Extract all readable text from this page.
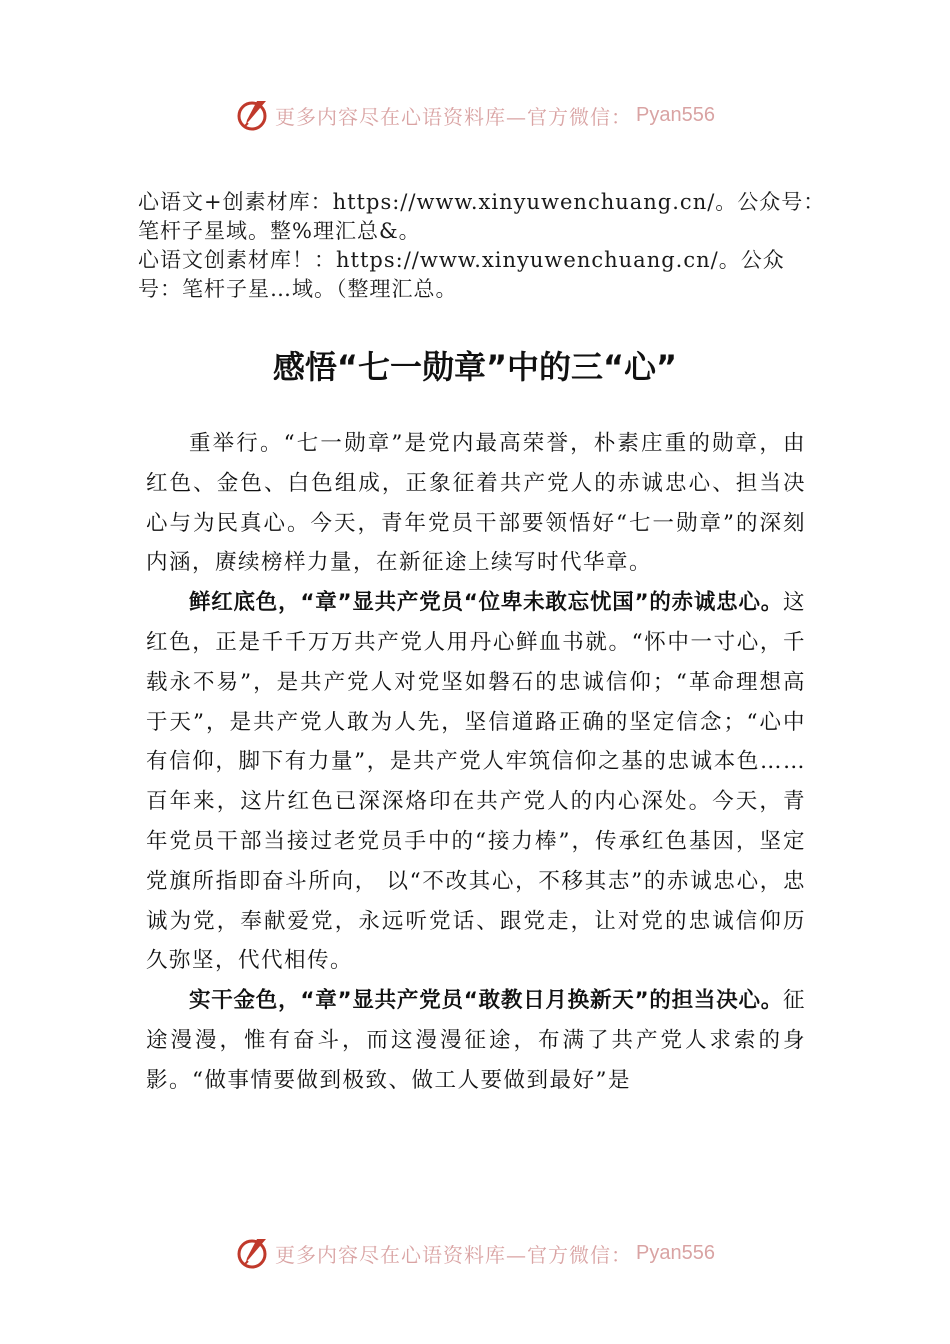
更多内容尽在心语资料库—官方微信： Pyan556

心语文+创素材库：https://www.xinyuwenchuang.cn/。公众号：笔杆子星域。整%理汇总&。

心语文创素材库！：https://www.xinyuwenchuang.cn/。公众号：笔杆子星…域。（整理汇总。

感悟“七一勋章”中的三“心”

重举行。“七一勋章”是党内最高荣誉，朴素庄重的勋章，由红色、金色、白色组成，正象征着共产党人的赤诚忠心、担当决心与为民真心。今天，青年党员干部要领悟好“七一勋章”的深刻内涵，赓续榜样力量，在新征途上续写时代华章。

鲜红底色，“章”显共产党员“位卑未敢忘忧国”的赤诚忠心。这红色，正是千千万万共产党人用丹心鲜血书就。“怀中一寸心，千载永不易”，是共产党人对党坚如磐石的忠诚信仰；“革命理想高于天”，是共产党人敢为人先，坚信道路正确的坚定信念；“心中有信仰，脚下有力量”，是共产党人牢筑信仰之基的忠诚本色……百年来，这片红色已深深烙印在共产党人的内心深处。今天，青年党员干部当接过老党员手中的“接力棒”，传承红色基因，坚定党旗所指即奋斗所向， 以“不改其心，不移其志”的赤诚忠心，忠诚为党，奉献爱党，永远听党话、跟党走，让对党的忠诚信仰历久弥坚，代代相传。

实干金色，“章”显共产党员“敢教日月换新天”的担当决心。征途漫漫，惟有奋斗，而这漫漫征途，布满了共产党人求索的身影。“做事情要做到极致、做工人要做到最好”是

更多内容尽在心语资料库—官方微信： Pyan556
